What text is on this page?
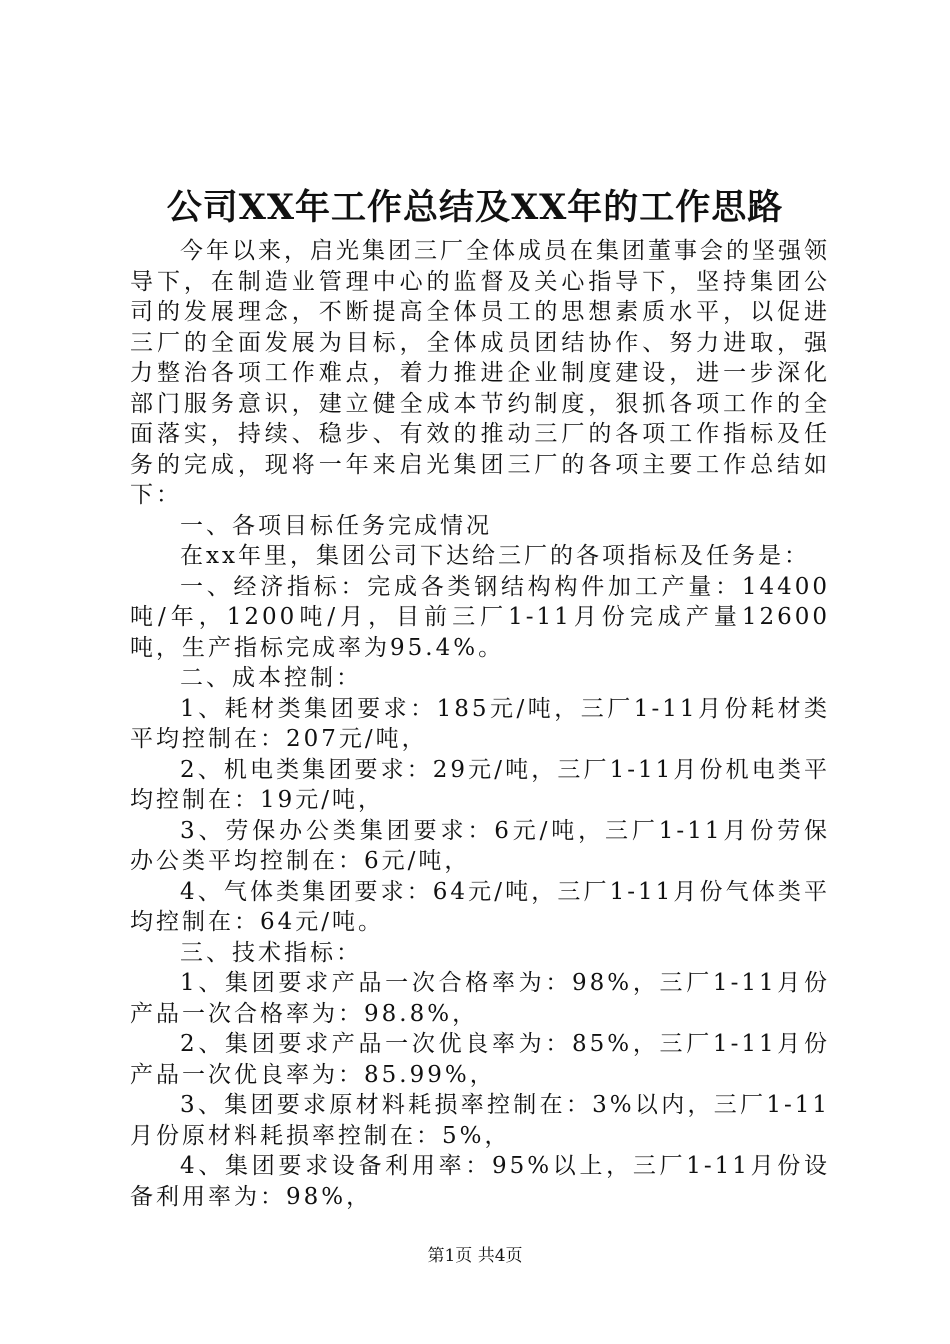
公司XX年工作总结及XX年的工作思路

今年以来，启光集团三厂全体成员在集团董事会的坚强领导下，在制造业管理中心的监督及关心指导下，坚持集团公司的发展理念，不断提高全体员工的思想素质水平，以促进三厂的全面发展为目标，全体成员团结协作、努力进取，强力整治各项工作难点，着力推进企业制度建设，进一步深化部门服务意识，建立健全成本节约制度，狠抓各项工作的全面落实，持续、稳步、有效的推动三厂的各项工作指标及任务的完成，现将一年来启光集团三厂的各项主要工作总结如下：

一、各项目标任务完成情况

在xx年里，集团公司下达给三厂的各项指标及任务是：

一、经济指标：完成各类钢结构构件加工产量：14400吨/年，1200吨/月，目前三厂1-11月份完成产量12600吨，生产指标完成率为95.4%。

二、成本控制：

1、耗材类集团要求：185元/吨，三厂1-11月份耗材类平均控制在：207元/吨，

2、机电类集团要求：29元/吨，三厂1-11月份机电类平均控制在：19元/吨，

3、劳保办公类集团要求：6元/吨，三厂1-11月份劳保办公类平均控制在：6元/吨，

4、气体类集团要求：64元/吨，三厂1-11月份气体类平均控制在：64元/吨。

三、技术指标：

1、集团要求产品一次合格率为：98%，三厂1-11月份产品一次合格率为：98.8%，

2、集团要求产品一次优良率为：85%，三厂1-11月份产品一次优良率为：85.99%，

3、集团要求原材料耗损率控制在：3%以内，三厂1-11月份原材料耗损率控制在：5%，

4、集团要求设备利用率：95%以上，三厂1-11月份设备利用率为：98%，

第1页 共4页
